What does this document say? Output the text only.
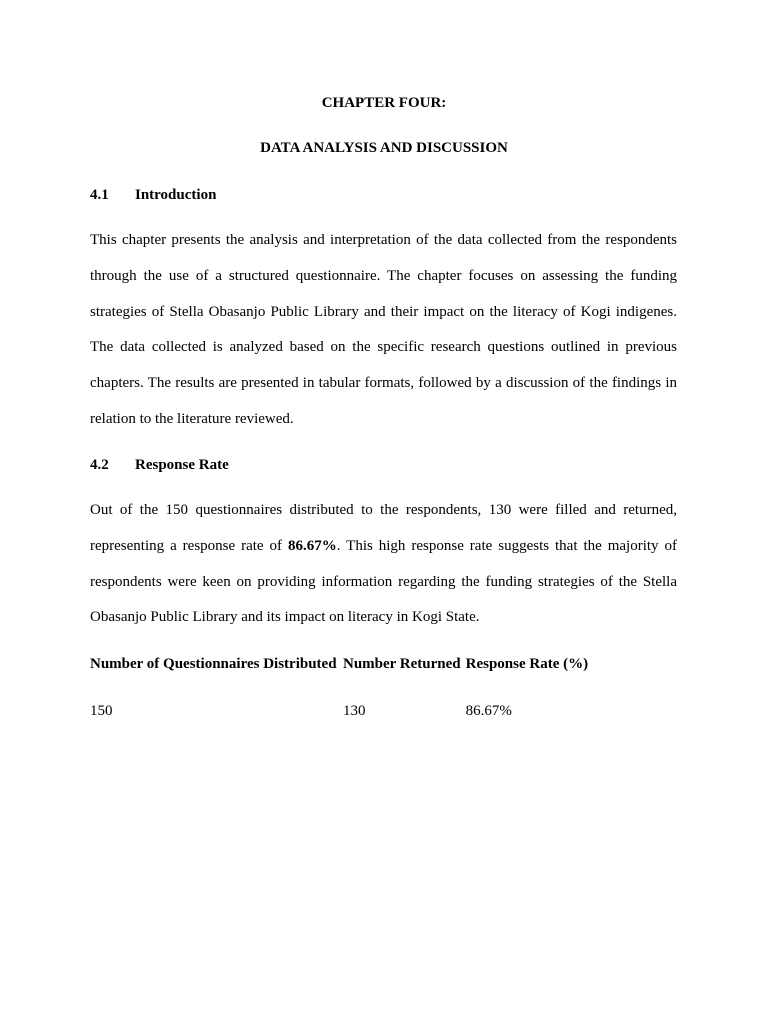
CHAPTER FOUR:
DATA ANALYSIS AND DISCUSSION
4.1 Introduction

This chapter presents the analysis and interpretation of the data collected from the respondents through the use of a structured questionnaire. The chapter focuses on assessing the funding strategies of Stella Obasanjo Public Library and their impact on the literacy of Kogi indigenes. The data collected is analyzed based on the specific research questions outlined in previous chapters. The results are presented in tabular formats, followed by a discussion of the findings in relation to the literature reviewed.

4.2 Response Rate

Out of the 150 questionnaires distributed to the respondents, 130 were filled and returned, representing a response rate of 86.67%. This high response rate suggests that the majority of respondents were keen on providing information regarding the funding strategies of the Stella Obasanjo Public Library and its impact on literacy in Kogi State.

Number of Questionnaires Distributed	Number Returned	Response Rate (%)
150	130	86.67%
